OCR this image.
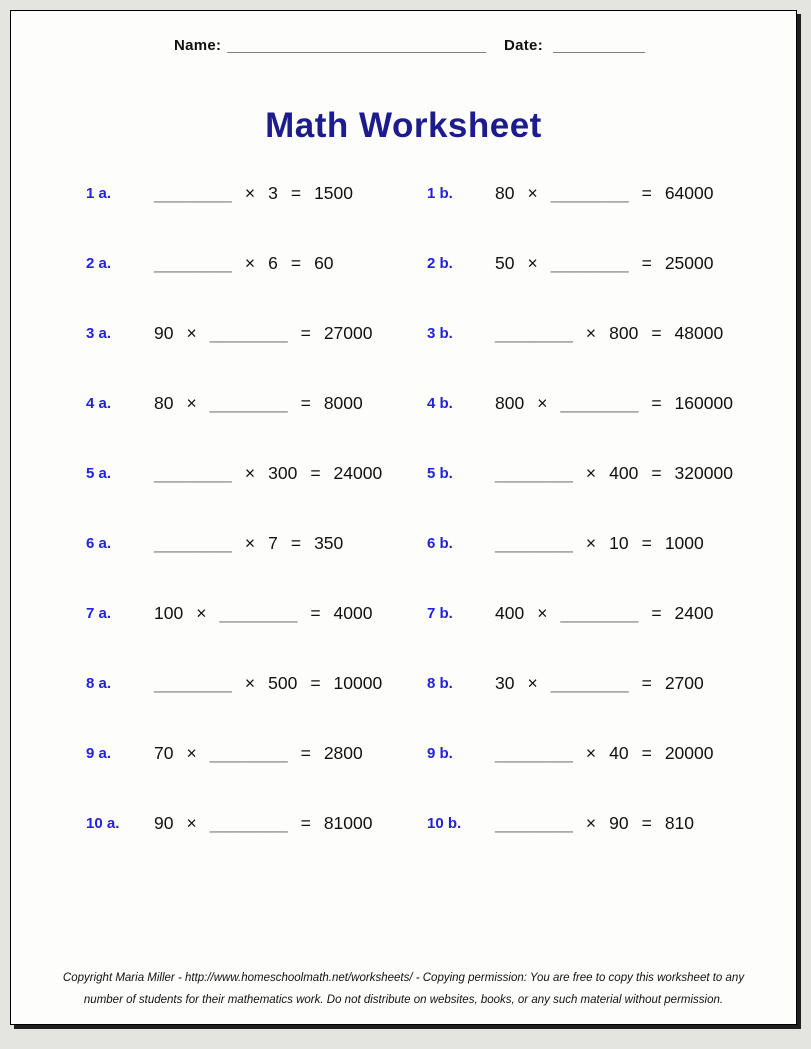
Name: _______________________________ Date: ___________
Math Worksheet
1 a.	________ × 3 = 1500	1 b.	80 × ________ = 64000
2 a.	________ × 6 = 60	2 b.	50 × ________ = 25000
3 a.	90 × ________ = 27000	3 b.	________ × 800 = 48000
4 a.	80 × ________ = 8000	4 b.	800 × ________ = 160000
5 a.	________ × 300 = 24000	5 b.	________ × 400 = 320000
6 a.	________ × 7 = 350	6 b.	________ × 10 = 1000
7 a.	100 × ________ = 4000	7 b.	400 × ________ = 2400
8 a.	________ × 500 = 10000	8 b.	30 × ________ = 2700
9 a.	70 × ________ = 2800	9 b.	________ × 40 = 20000
10 a.	90 × ________ = 81000	10 b.	________ × 90 = 810
Copyright Maria Miller - http://www.homeschoolmath.net/worksheets/ - Copying permission: You are free to copy this worksheet to any
number of students for their mathematics work. Do not distribute on websites, books, or any such material without permission.
